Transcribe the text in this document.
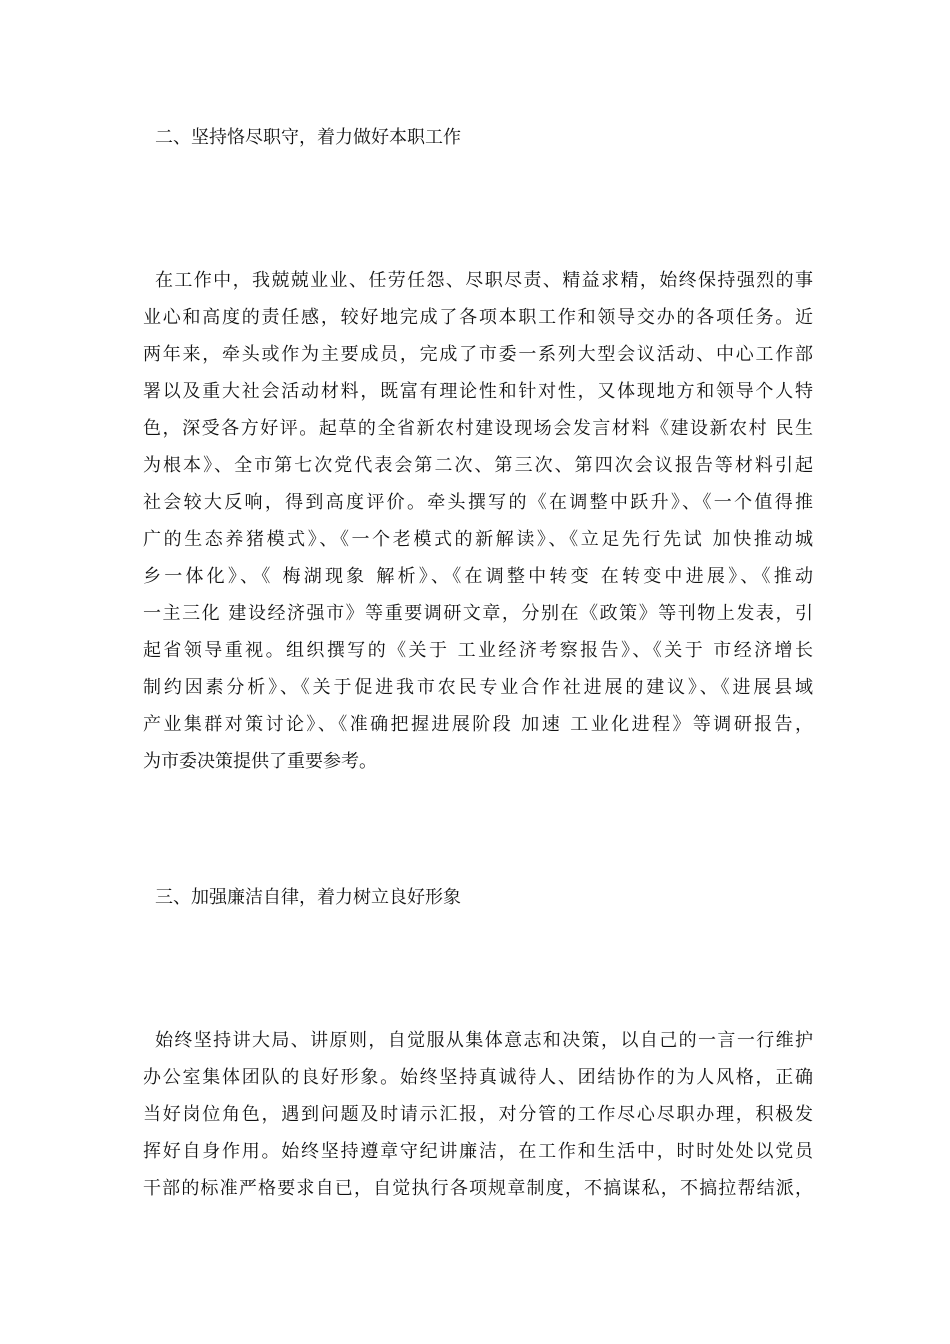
二、坚持恪尽职守，着力做好本职工作
在工作中，我兢兢业业、任劳任怨、尽职尽责、精益求精，始终保持强烈的事
业心和高度的责任感，较好地完成了各项本职工作和领导交办的各项任务。近
两年来，牵头或作为主要成员，完成了市委一系列大型会议活动、中心工作部
署以及重大社会活动材料，既富有理论性和针对性，又体现地方和领导个人特
色，深受各方好评。起草的全省新农村建设现场会发言材料《建设新农村 民生
为根本》、全市第七次党代表会第二次、第三次、第四次会议报告等材料引起
社会较大反响，得到高度评价。牵头撰写的《在调整中跃升》、《一个值得推
广的生态养猪模式》、《一个老模式的新解读》、《立足先行先试 加快推动城
乡一体化》、《 梅湖现象 解析》、《在调整中转变 在转变中进展》、《推动
一主三化 建设经济强市》等重要调研文章，分别在《政策》等刊物上发表，引
起省领导重视。组织撰写的《关于 工业经济考察报告》、《关于 市经济增长
制约因素分析》、《关于促进我市农民专业合作社进展的建议》、《进展县域
产业集群对策讨论》、《准确把握进展阶段 加速 工业化进程》等调研报告，
为市委决策提供了重要参考。
三、加强廉洁自律，着力树立良好形象
始终坚持讲大局、讲原则，自觉服从集体意志和决策，以自己的一言一行维护
办公室集体团队的良好形象。始终坚持真诚待人、团结协作的为人风格，正确
当好岗位角色，遇到问题及时请示汇报，对分管的工作尽心尽职办理，积极发
挥好自身作用。始终坚持遵章守纪讲廉洁，在工作和生活中，时时处处以党员
干部的标准严格要求自已，自觉执行各项规章制度，不搞谋私，不搞拉帮结派，
